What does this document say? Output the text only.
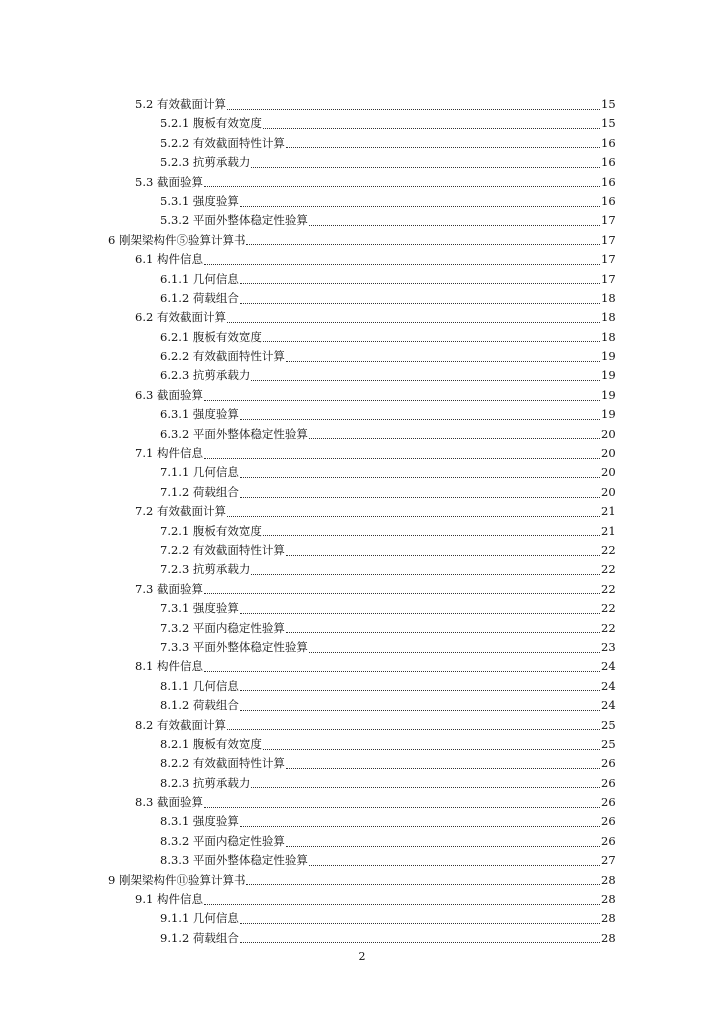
5.2 有效截面计算	15
5.2.1 腹板有效宽度	15
5.2.2 有效截面特性计算	16
5.2.3 抗剪承载力	16
5.3 截面验算	16
5.3.1 强度验算	16
5.3.2 平面外整体稳定性验算	17
6 刚架梁构件⑤验算计算书	17
6.1 构件信息	17
6.1.1 几何信息	17
6.1.2 荷载组合	18
6.2 有效截面计算	18
6.2.1 腹板有效宽度	18
6.2.2 有效截面特性计算	19
6.2.3 抗剪承载力	19
6.3 截面验算	19
6.3.1 强度验算	19
6.3.2 平面外整体稳定性验算	20
7.1 构件信息	20
7.1.1 几何信息	20
7.1.2 荷载组合	20
7.2 有效截面计算	21
7.2.1 腹板有效宽度	21
7.2.2 有效截面特性计算	22
7.2.3 抗剪承载力	22
7.3 截面验算	22
7.3.1 强度验算	22
7.3.2 平面内稳定性验算	22
7.3.3 平面外整体稳定性验算	23
8.1 构件信息	24
8.1.1 几何信息	24
8.1.2 荷载组合	24
8.2 有效截面计算	25
8.2.1 腹板有效宽度	25
8.2.2 有效截面特性计算	26
8.2.3 抗剪承载力	26
8.3 截面验算	26
8.3.1 强度验算	26
8.3.2 平面内稳定性验算	26
8.3.3 平面外整体稳定性验算	27
9 刚架梁构件⑪验算计算书	28
9.1 构件信息	28
9.1.1 几何信息	28
9.1.2 荷载组合	28
2
